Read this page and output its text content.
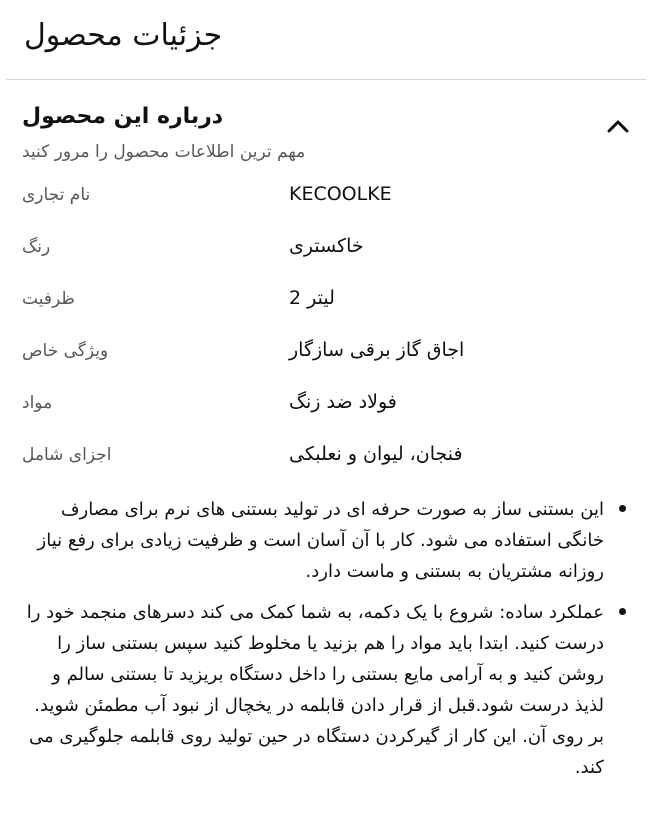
جزئیات محصول
درباره این محصول
مهم ترین اطلاعات محصول را مرور کنید
نام تجاری	KECOOLKE
رنگ	خاکستری
ظرفیت	2 لیتر
ویژگی خاص	اجاق گاز برقی سازگار
مواد	فولاد ضد زنگ
اجزای شامل	فنجان، لیوان و نعلبکی
این بستنی ساز به صورت حرفه ای در تولید بستنی های نرم برای مصارف خانگی استفاده می شود. کار با آن آسان است و ظرفیت زیادی برای رفع نیاز روزانه مشتریان به بستنی و ماست دارد.
عملکرد ساده: شروع با یک دکمه، به شما کمک می کند دسرهای منجمد خود را درست کنید. ابتدا باید مواد را هم بزنید یا مخلوط کنید سپس بستنی ساز را روشن کنید و به آرامی مایع بستنی را داخل دستگاه بریزید تا بستنی سالم و لذیذ درست شود.قبل از قرار دادن قابلمه در یخچال از نبود آب مطمئن شوید. بر روی آن. این کار از گیرکردن دستگاه در حین تولید روی قابلمه جلوگیری می کند.
